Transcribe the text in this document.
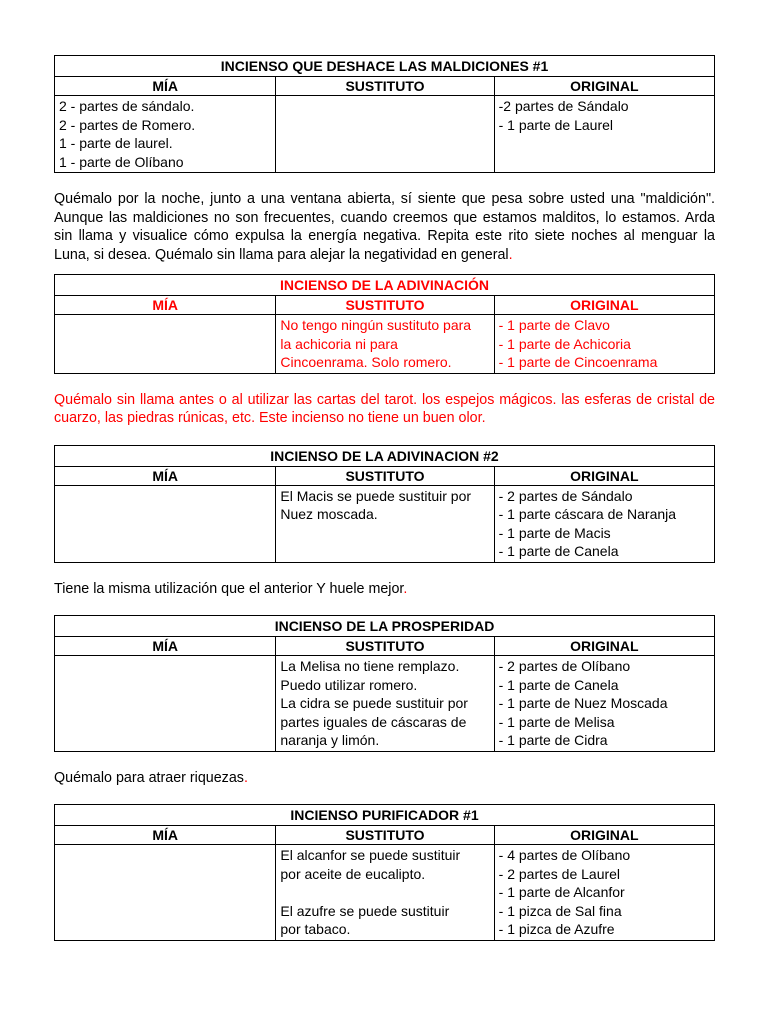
INCIENSO QUE DESHACE LAS MALDICIONES #1		
MÍA	SUSTITUTO	ORIGINAL

2 - partes de sándalo.
2 - partes de Romero.
1 - parte de laurel.
1 - parte de Olíbano		-2 partes de Sándalo
- 1 parte de Laurel

Quémalo por la noche, junto a una ventana abierta, sí siente que pesa sobre usted una "maldición". Aunque las maldiciones no son frecuentes, cuando creemos que estamos malditos, lo estamos. Arda sin llama y visualice cómo expulsa la energía negativa. Repita este rito siete noches al menguar la Luna, si desea. Quémalo sin llama para alejar la negatividad en general.

INCIENSO DE LA ADIVINACIÓN		
MÍA	SUSTITUTO	ORIGINAL

	No tengo ningún sustituto para
la achicoria ni para
Cincoenrama. Solo romero.	- 1 parte de Clavo
- 1 parte de Achicoria
- 1 parte de Cincoenrama

Quémalo sin llama antes o al utilizar las cartas del tarot. los espejos mágicos. las esferas de cristal de cuarzo, las piedras rúnicas, etc. Este incienso no tiene un buen olor.

INCIENSO DE LA ADIVINACION #2		
MÍA	SUSTITUTO	ORIGINAL

	El Macis se puede sustituir por
Nuez moscada.	- 2 partes de Sándalo
- 1 parte cáscara de Naranja
- 1 parte de Macis
- 1 parte de Canela

Tiene la misma utilización que el anterior Y huele mejor.

INCIENSO DE LA PROSPERIDAD		
MÍA	SUSTITUTO	ORIGINAL

	La Melisa no tiene remplazo.
Puedo utilizar romero.
La cidra se puede sustituir por
partes iguales de cáscaras de
naranja y limón.	- 2 partes de Olíbano
- 1 parte de Canela
- 1 parte de Nuez Moscada
- 1 parte de Melisa
- 1 parte de Cidra

Quémalo para atraer riquezas.

INCIENSO PURIFICADOR #1		
MÍA	SUSTITUTO	ORIGINAL

	El alcanfor se puede sustituir
por aceite de eucalipto.

El azufre se puede sustituir
por tabaco.	- 4 partes de Olíbano
- 2 partes de Laurel
- 1 parte de Alcanfor
- 1 pizca de Sal fina
- 1 pizca de Azufre
